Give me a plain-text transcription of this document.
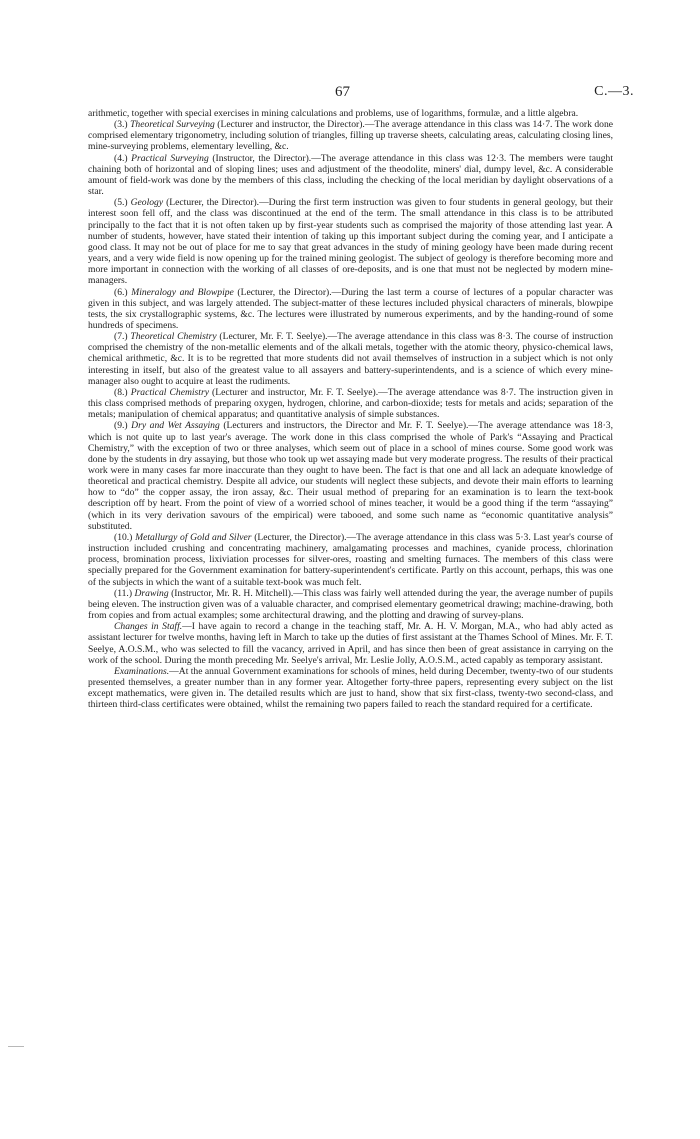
67	C.—3.

arithmetic, together with special exercises in mining calculations and problems, use of logarithms, formulæ, and a little algebra.

(3.) Theoretical Surveying (Lecturer and instructor, the Director).—The average attendance in this class was 14·7. The work done comprised elementary trigonometry, including solution of triangles, filling up traverse sheets, calculating areas, calculating closing lines, mine-surveying problems, elementary levelling, &c.

(4.) Practical Surveying (Instructor, the Director).—The average attendance in this class was 12·3. The members were taught chaining both of horizontal and of sloping lines; uses and adjustment of the theodolite, miners' dial, dumpy level, &c. A considerable amount of field-work was done by the members of this class, including the checking of the local meridian by daylight observations of a star.

(5.) Geology (Lecturer, the Director).—During the first term instruction was given to four students in general geology, but their interest soon fell off, and the class was discontinued at the end of the term. The small attendance in this class is to be attributed principally to the fact that it is not often taken up by first-year students such as comprised the majority of those attending last year. A number of students, however, have stated their intention of taking up this important subject during the coming year, and I anticipate a good class. It may not be out of place for me to say that great advances in the study of mining geology have been made during recent years, and a very wide field is now opening up for the trained mining geologist. The subject of geology is therefore becoming more and more important in connection with the working of all classes of ore-deposits, and is one that must not be neglected by modern mine-managers.

(6.) Mineralogy and Blowpipe (Lecturer, the Director).—During the last term a course of lectures of a popular character was given in this subject, and was largely attended. The subject-matter of these lectures included physical characters of minerals, blowpipe tests, the six crystallographic systems, &c. The lectures were illustrated by numerous experiments, and by the handing-round of some hundreds of specimens.

(7.) Theoretical Chemistry (Lecturer, Mr. F. T. Seelye).—The average attendance in this class was 8·3. The course of instruction comprised the chemistry of the non-metallic elements and of the alkali metals, together with the atomic theory, physico-chemical laws, chemical arithmetic, &c. It is to be regretted that more students did not avail themselves of instruction in a subject which is not only interesting in itself, but also of the greatest value to all assayers and battery-superintendents, and is a science of which every mine-manager also ought to acquire at least the rudiments.

(8.) Practical Chemistry (Lecturer and instructor, Mr. F. T. Seelye).—The average attendance was 8·7. The instruction given in this class comprised methods of preparing oxygen, hydrogen, chlorine, and carbon-dioxide; tests for metals and acids; separation of the metals; manipulation of chemical apparatus; and quantitative analysis of simple substances.

(9.) Dry and Wet Assaying (Lecturers and instructors, the Director and Mr. F. T. Seelye).—The average attendance was 18·3, which is not quite up to last year's average. The work done in this class comprised the whole of Park's “Assaying and Practical Chemistry,” with the exception of two or three analyses, which seem out of place in a school of mines course. Some good work was done by the students in dry assaying, but those who took up wet assaying made but very moderate progress. The results of their practical work were in many cases far more inaccurate than they ought to have been. The fact is that one and all lack an adequate knowledge of theoretical and practical chemistry. Despite all advice, our students will neglect these subjects, and devote their main efforts to learning how to “do” the copper assay, the iron assay, &c. Their usual method of preparing for an examination is to learn the text-book description off by heart. From the point of view of a worried school of mines teacher, it would be a good thing if the term “assaying” (which in its very derivation savours of the empirical) were tabooed, and some such name as “economic quantitative analysis” substituted.

(10.) Metallurgy of Gold and Silver (Lecturer, the Director).—The average attendance in this class was 5·3. Last year's course of instruction included crushing and concentrating machinery, amalgamating processes and machines, cyanide process, chlorination process, bromination process, lixiviation processes for silver-ores, roasting and smelting furnaces. The members of this class were specially prepared for the Government examination for battery-superintendent's certificate. Partly on this account, perhaps, this was one of the subjects in which the want of a suitable text-book was much felt.

(11.) Drawing (Instructor, Mr. R. H. Mitchell).—This class was fairly well attended during the year, the average number of pupils being eleven. The instruction given was of a valuable character, and comprised elementary geometrical drawing; machine-drawing, both from copies and from actual examples; some architectural drawing, and the plotting and drawing of survey-plans.

Changes in Staff.—I have again to record a change in the teaching staff, Mr. A. H. V. Morgan, M.A., who had ably acted as assistant lecturer for twelve months, having left in March to take up the duties of first assistant at the Thames School of Mines. Mr. F. T. Seelye, A.O.S.M., who was selected to fill the vacancy, arrived in April, and has since then been of great assistance in carrying on the work of the school. During the month preceding Mr. Seelye's arrival, Mr. Leslie Jolly, A.O.S.M., acted capably as temporary assistant.

Examinations.—At the annual Government examinations for schools of mines, held during December, twenty-two of our students presented themselves, a greater number than in any former year. Altogether forty-three papers, representing every subject on the list except mathematics, were given in. The detailed results which are just to hand, show that six first-class, twenty-two second-class, and thirteen third-class certificates were obtained, whilst the remaining two papers failed to reach the standard required for a certificate.
